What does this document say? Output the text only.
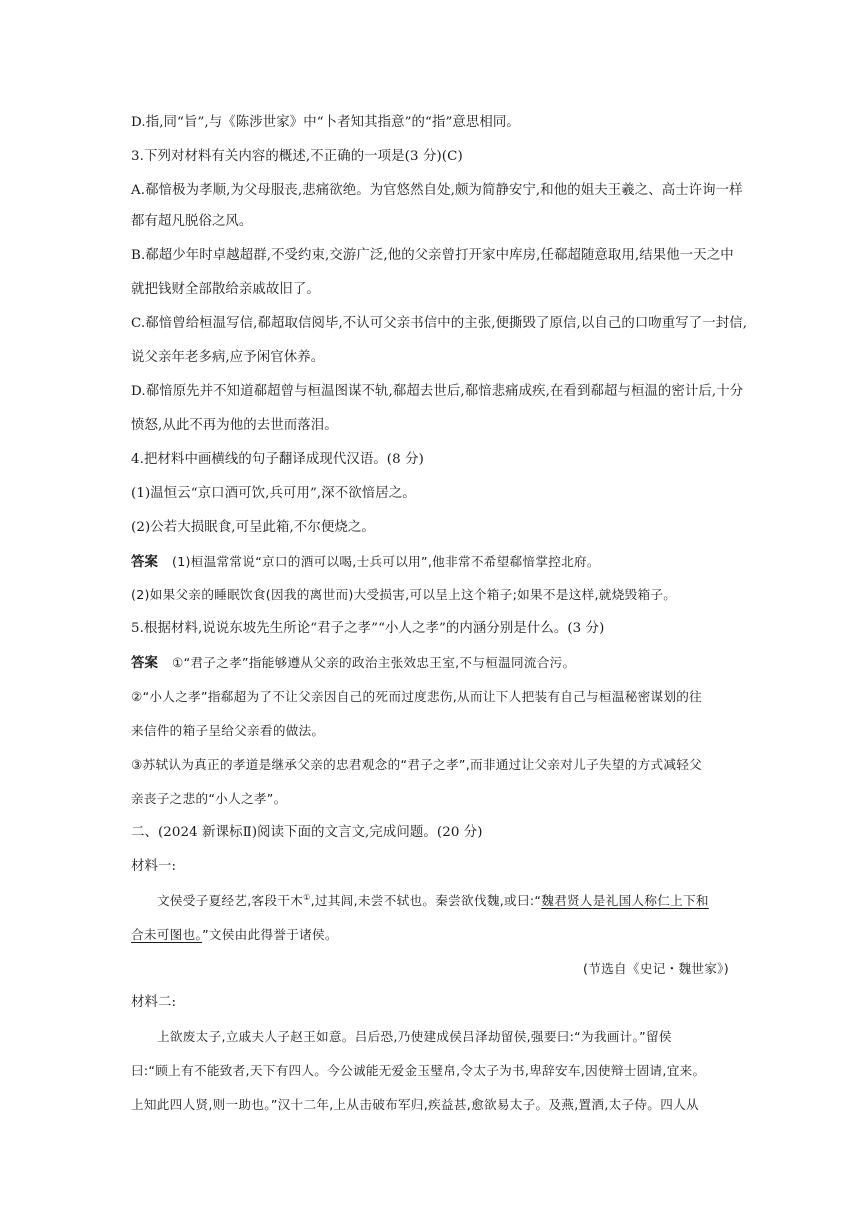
D.指,同“旨”,与《陈涉世家》中“卜者知其指意”的“指”意思相同。
3.下列对材料有关内容的概述,不正确的一项是(3 分)(C)
A.郗愔极为孝顺,为父母服丧,悲痛欲绝。为官悠然自处,颇为简静安宁,和他的姐夫王羲之、高士许询一样
都有超凡脱俗之风。
B.郗超少年时卓越超群,不受约束,交游广泛,他的父亲曾打开家中库房,任郗超随意取用,结果他一天之中
就把钱财全部散给亲戚故旧了。
C.郗愔曾给桓温写信,郗超取信阅毕,不认可父亲书信中的主张,便撕毁了原信,以自己的口吻重写了一封信,
说父亲年老多病,应予闲官休养。
D.郗愔原先并不知道郗超曾与桓温图谋不轨,郗超去世后,郗愔悲痛成疾,在看到郗超与桓温的密计后,十分
愤怒,从此不再为他的去世而落泪。
4.把材料中画横线的句子翻译成现代汉语。(8 分)
(1)温恒云“京口酒可饮,兵可用”,深不欲愔居之。
(2)公若大损眠食,可呈此箱,不尔便烧之。
答案 (1)桓温常常说“京口的酒可以喝,士兵可以用”,他非常不希望郗愔掌控北府。
(2)如果父亲的睡眠饮食(因我的离世而)大受损害,可以呈上这个箱子;如果不是这样,就烧毁箱子。
5.根据材料,说说东坡先生所论“君子之孝”“小人之孝”的内涵分别是什么。(3 分)
答案 ①“君子之孝”指能够遵从父亲的政治主张效忠王室,不与桓温同流合污。
②“小人之孝”指郗超为了不让父亲因自己的死而过度悲伤,从而让下人把装有自己与桓温秘密谋划的往
来信件的箱子呈给父亲看的做法。
③苏轼认为真正的孝道是继承父亲的忠君观念的“君子之孝”,而非通过让父亲对儿子失望的方式减轻父
亲丧子之悲的“小人之孝”。
二、(2024 新课标Ⅱ)阅读下面的文言文,完成问题。(20 分)
材料一:
文侯受子夏经艺,客段干木①,过其闾,未尝不轼也。秦尝欲伐魏,或曰:“魏君贤人是礼国人称仁上下和
合未可图也。”文侯由此得誉于诸侯。
(节选自《史记・魏世家》)
材料二:
上欲废太子,立戚夫人子赵王如意。吕后恐,乃使建成侯吕泽劫留侯,强要曰:“为我画计。”留侯
曰:“顾上有不能致者,天下有四人。今公诚能无爱金玉璧帛,令太子为书,卑辞安车,因使辩士固请,宜来。
上知此四人贤,则一助也。”汉十二年,上从击破布军归,疾益甚,愈欲易太子。及燕,置酒,太子侍。四人从
